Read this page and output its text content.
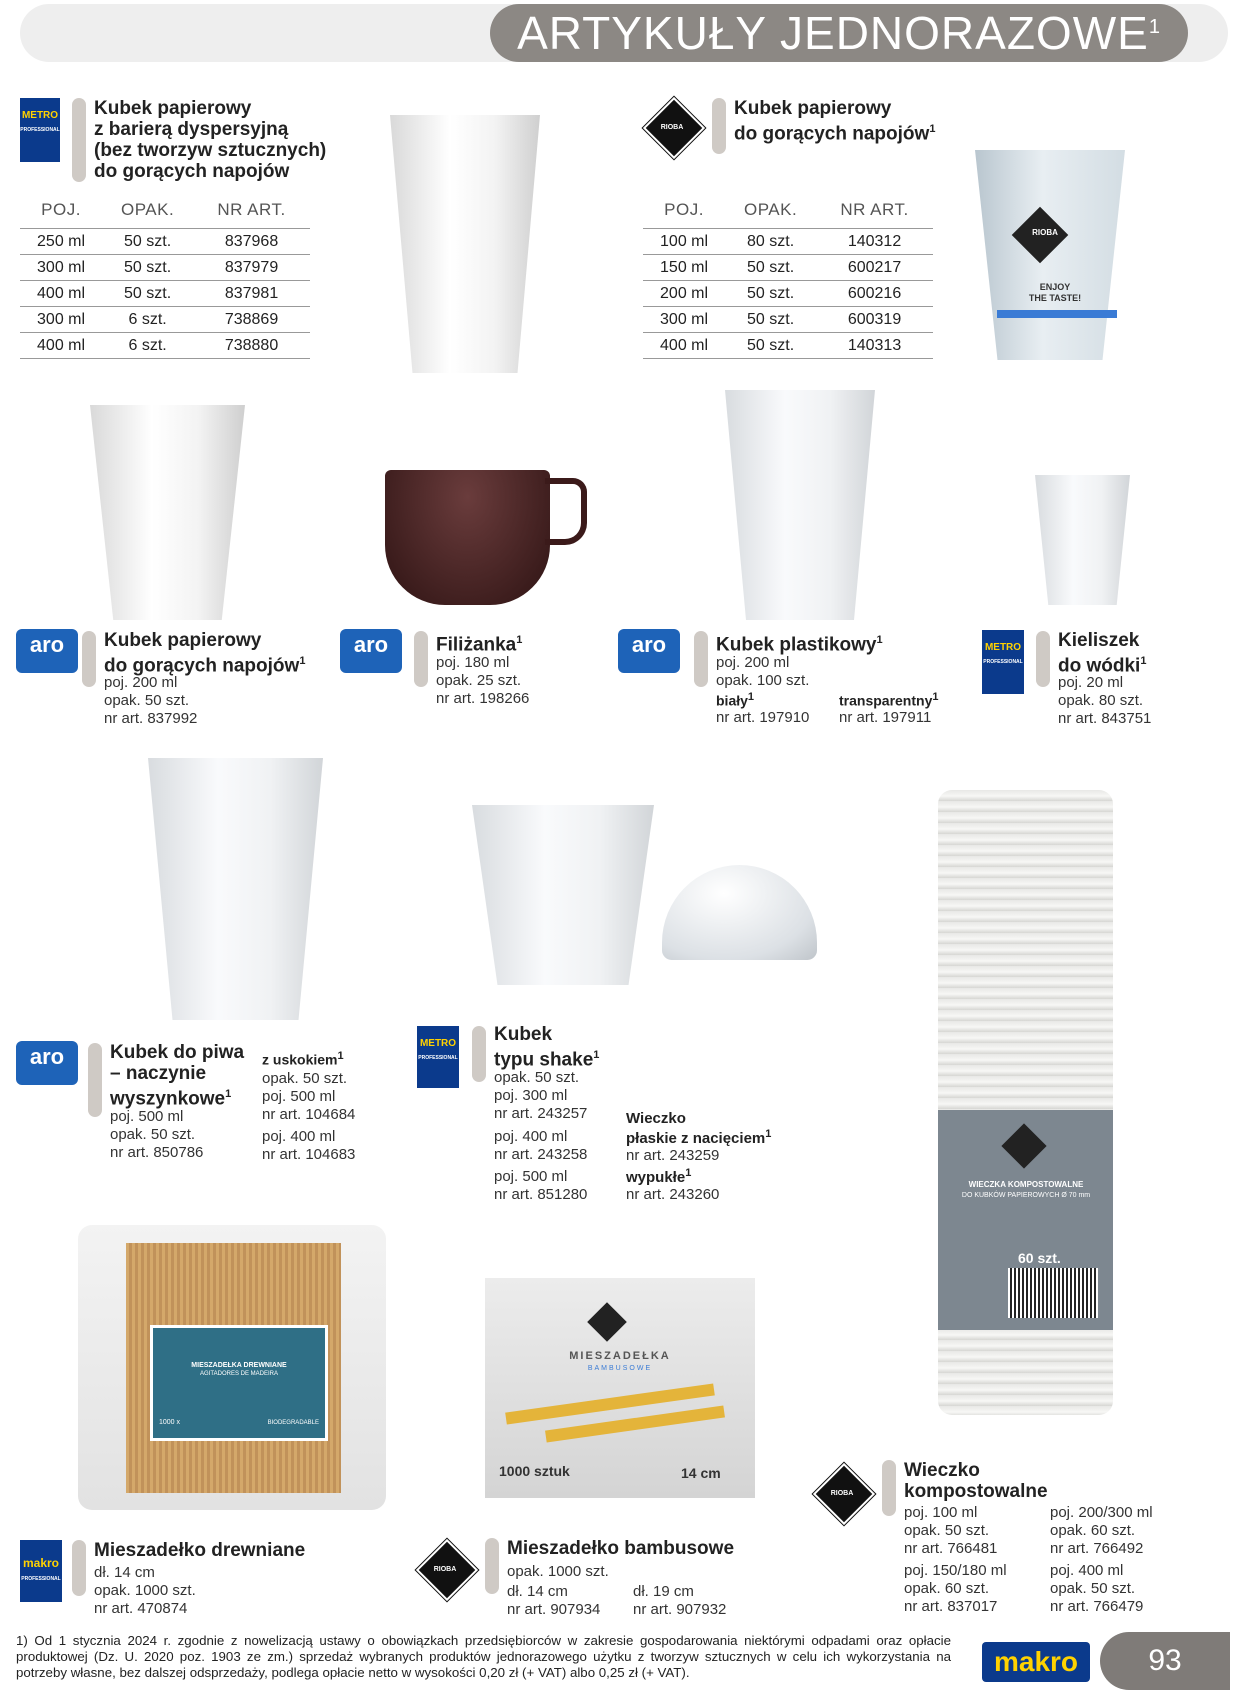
ARTYKUŁY JEDNORAZOWE$^1$
METRO
PROFESSIONAL
Kubek papierowy
z barierą dyspersyjną
(bez tworzyw sztucznych)
do gorących napojów
POJ.	OPAK.	NR ART.
250 ml	50 szt.	837968
300 ml	50 szt.	837979
400 ml	50 szt.	837981
300 ml	6 szt.	738869
400 ml	6 szt.	738880
RIOBA
Kubek papierowy
do gorących napojów$^1$
POJ.	OPAK.	NR ART.
100 ml	80 szt.	140312
150 ml	50 szt.	600217
200 ml	50 szt.	600216
300 ml	50 szt.	600319
400 ml	50 szt.	140313
RIOBA
ENJOY
THE TASTE!
aro	Kubek papierowy
do gorących napojów$^1$
poj. 200 ml
opak. 50 szt.
nr art. 837992
aro	Filiżanka$^1$
poj. 180 ml
opak. 25 szt.
nr art. 198266
aro	Kubek plastikowy$^1$
poj. 200 ml
opak. 100 szt.
biały$^1$
nr art. 197910
transparentny$^1$
nr art. 197911
METRO
PROFESSIONAL
Kieliszek
do wódki$^1$
poj. 20 ml
opak. 80 szt.
nr art. 843751
WIECZKA KOMPOSTOWALNE
DO KUBKÓW PAPIEROWYCH Ø 70 mm
60 szt.
aro	Kubek do piwa
– naczynie
wyszynkowe$^1$
poj. 500 ml
opak. 50 szt.
nr art. 850786
z uskokiem$^1$
opak. 50 szt.
poj. 500 ml
nr art. 104684
poj. 400 ml
nr art. 104683
METRO
PROFESSIONAL
Kubek
typu shake$^1$
opak. 50 szt.
poj. 300 ml
nr art. 243257
poj. 400 ml
nr art. 243258
poj. 500 ml
nr art. 851280
Wieczko
płaskie z nacięciem$^1$
nr art. 243259
wypukłe$^1$
nr art. 243260
MIESZADEŁKA DREWNIANE
AGITADORES DE MADEIRA
1000 x	BIODEGRADABLE
MIESZADEŁKA
BAMBUSOWE
1000 sztuk	14 cm
makro
PROFESSIONAL
Mieszadełko drewniane
dł. 14 cm
opak. 1000 szt.
nr art. 470874
RIOBA
Mieszadełko bambusowe
opak. 1000 szt.
dł. 14 cm
nr art. 907934
dł. 19 cm
nr art. 907932
RIOBA
Wieczko
kompostowalne
poj. 100 ml
opak. 50 szt.
nr art. 766481
poj. 150/180 ml
opak. 60 szt.
nr art. 837017
poj. 200/300 ml
opak. 60 szt.
nr art. 766492
poj. 400 ml
opak. 50 szt.
nr art. 766479
1) Od 1 stycznia 2024 r. zgodnie z nowelizacją ustawy o obowiązkach przedsiębiorców w zakresie gospodarowania niektórymi odpadami oraz opłacie produktowej (Dz. U. 2020 poz. 1903 ze zm.) sprzedaż wybranych produktów jednorazowego użytku z tworzyw sztucznych w celu ich wykorzystania na potrzeby własne, bez dalszej odsprzedaży, podlega opłacie netto w wysokości 0,20 zł (+ VAT) albo 0,25 zł (+ VAT).	makro	93
